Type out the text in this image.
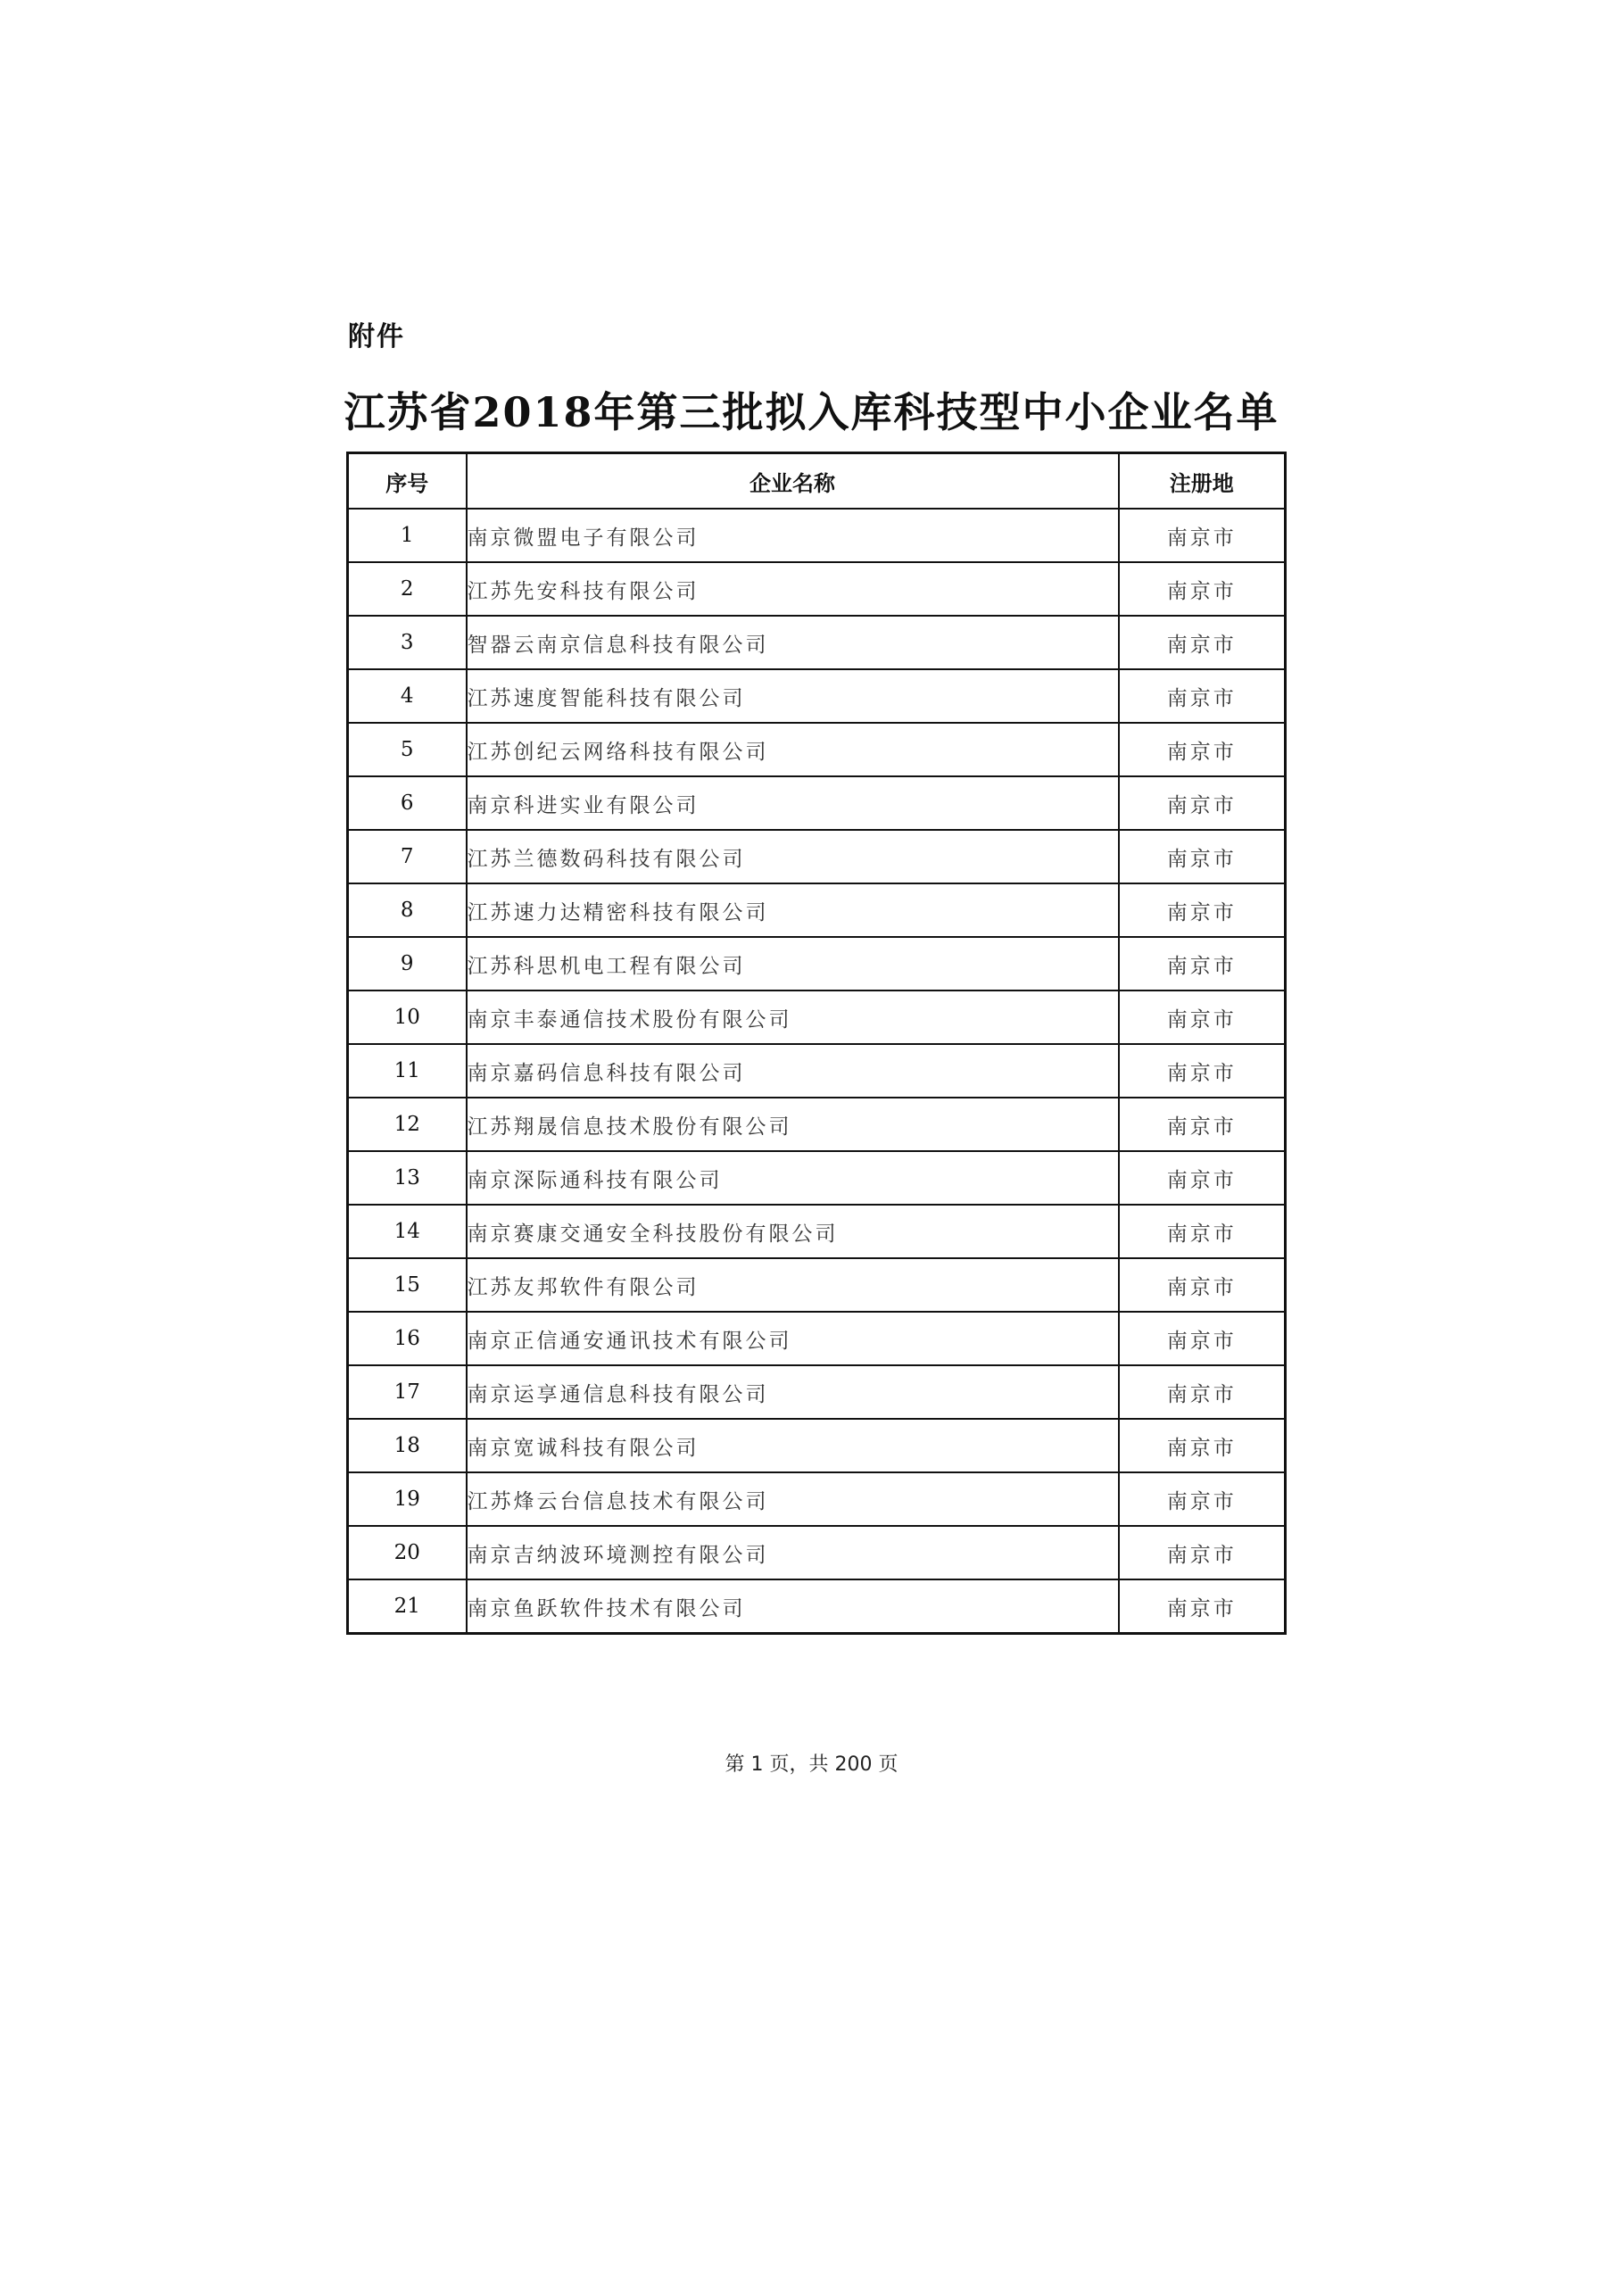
附件
江苏省2018年第三批拟入库科技型中小企业名单
序号	企业名称	注册地
1	南京微盟电子有限公司	南京市
2	江苏先安科技有限公司	南京市
3	智器云南京信息科技有限公司	南京市
4	江苏速度智能科技有限公司	南京市
5	江苏创纪云网络科技有限公司	南京市
6	南京科进实业有限公司	南京市
7	江苏兰德数码科技有限公司	南京市
8	江苏速力达精密科技有限公司	南京市
9	江苏科思机电工程有限公司	南京市
10	南京丰泰通信技术股份有限公司	南京市
11	南京嘉码信息科技有限公司	南京市
12	江苏翔晟信息技术股份有限公司	南京市
13	南京深际通科技有限公司	南京市
14	南京赛康交通安全科技股份有限公司	南京市
15	江苏友邦软件有限公司	南京市
16	南京正信通安通讯技术有限公司	南京市
17	南京运享通信息科技有限公司	南京市
18	南京宽诚科技有限公司	南京市
19	江苏烽云台信息技术有限公司	南京市
20	南京吉纳波环境测控有限公司	南京市
21	南京鱼跃软件技术有限公司	南京市
第 1 页，共 200 页
